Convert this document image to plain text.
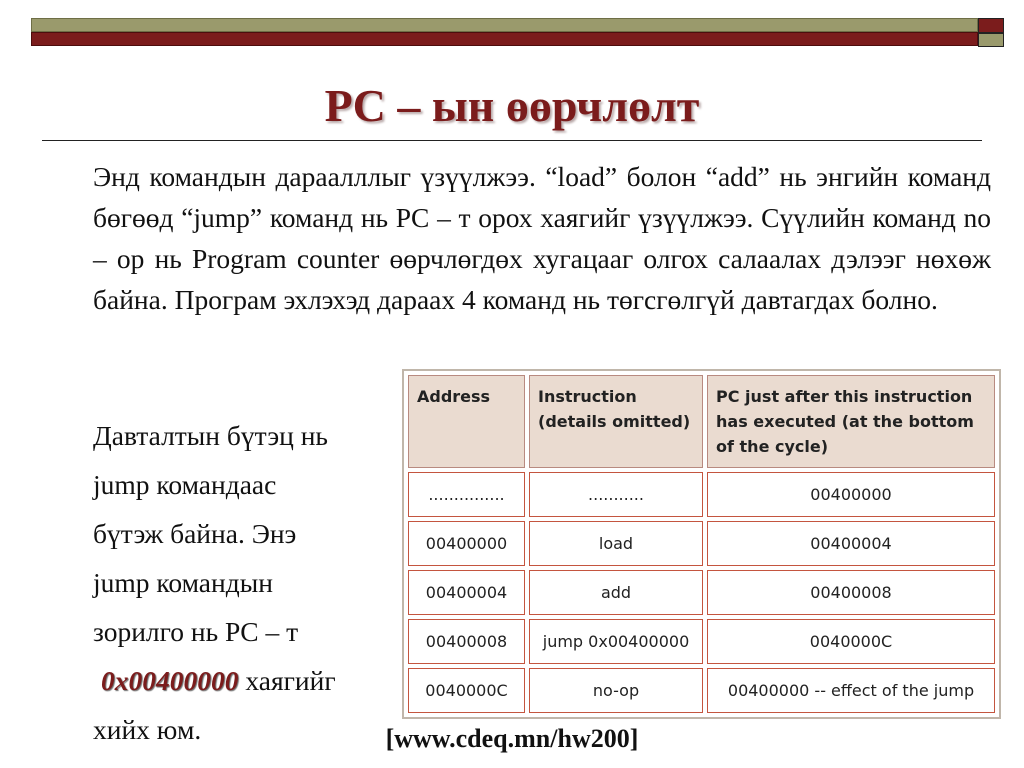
PC – ын өөрчлөлт
Энд командын дараалллыг үзүүлжээ. “load” болон “add” нь энгийн команд бөгөөд “jump” команд нь PC – т орох хаягийг үзүүлжээ. Сүүлийн команд no – op нь Program counter өөрчлөгдөх хугацааг олгох салаалах дэлээг нөхөж байна. Програм эхлэхэд дараах 4 команд нь төгсгөлгүй давтагдах болно.
Давталтын бүтэц нь
jump командаас
бүтэж байна. Энэ
jump командын
зорилго нь PC – т
0x00400000 хаягийг
хийх юм.
Address	Instruction (details omitted)	PC just after this instruction has executed (at the bottom of the cycle)
...............	...........	00400000
00400000	load	00400004
00400004	add	00400008
00400008	jump 0x00400000	0040000C
0040000C	no-op	00400000 -- effect of the jump
[www.cdeq.mn/hw200]
